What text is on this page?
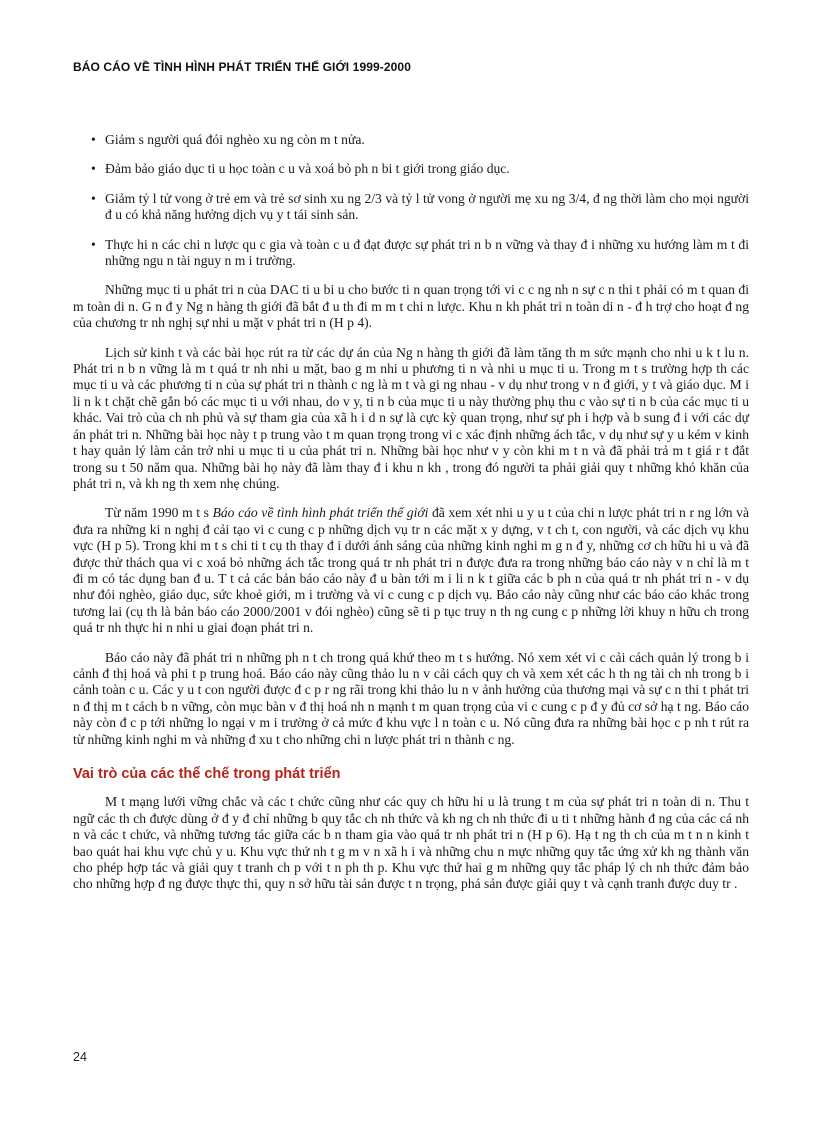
BÁO CÁO VỀ TÌNH HÌNH PHÁT TRIỂN THẾ GIỚI 1999-2000
• Giảm s người quá đói nghèo xu ng còn m t nửa.
• Đảm bảo giáo dục ti u học toàn c u và xoá bỏ ph n bi t giới trong giáo dục.
• Giảm tỷ l tử vong ở trẻ em và trẻ sơ sinh xu ng 2/3 và tỷ l tử vong ở người mẹ xu ng 3/4, đ ng thời làm cho mọi người đ u có khả năng hưởng dịch vụ y t tái sinh sản.
• Thực hi n các chi n lược qu c gia và toàn c u đ đạt được sự phát tri n b n vững và thay đ i những xu hướng làm m t đi những ngu n tài nguy n m i trường.

Những mục ti u phát tri n của DAC ti u bi u cho bước ti n quan trọng tới vi c c ng nh n sự c n thi t phải có m t quan đi m toàn di n. G n đ y Ng n hàng th giới đã bắt đ u th đi m m t chi n lược. Khu n kh phát tri n toàn di n - đ h trợ cho hoạt đ ng của chương tr nh nghị sự nhi u mặt v phát tri n (H p 4).

Lịch sử kinh t và các bài học rút ra từ các dự án của Ng n hàng th giới đã làm tăng th m sức mạnh cho nhi u k t lu n. Phát tri n b n vững là m t quá tr nh nhi u mặt, bao g m nhi u phương ti n và nhi u mục ti u. Trong m t s trường hợp th các mục ti u và các phương ti n của sự phát tri n thành c ng là m t và gi ng nhau - v dụ như trong v n đ giới, y t và giáo dục. M i li n k t chặt chẽ gắn bó các mục ti u với nhau, do v y, ti n b của mục ti u này thường phụ thu c vào sự ti n b của các mục ti u khác. Vai trò của ch nh phủ và sự tham gia của xã h i d n sự là cực kỳ quan trọng, như sự ph i hợp và b sung đ i với các dự án phát tri n. Những bài học này t p trung vào t m quan trọng trong vi c xác định những ách tắc, v dụ như sự y u kém v kinh t hay quản lý làm cản trở nhi u mục ti u của phát tri n. Những bài học như v y còn khi m t n và đã phải trả m t giá r t đắt trong su t 50 năm qua. Những bài họ này đã làm thay đ i khu n kh , trong đó người ta phải giải quy t những khó khăn của phát tri n, và kh ng th xem nhẹ chúng.

Từ năm 1990 m t s Báo cáo về tình hình phát triển thế giới đã xem xét nhi u y u t của chi n lược phát tri n r ng lớn và đưa ra những ki n nghị đ cải tạo vi c cung c p những dịch vụ tr n các mặt x y dựng, v t ch t, con người, và các dịch vụ khu vực (H p 5). Trong khi m t s chi ti t cụ th thay đ i dưới ánh sáng của những kinh nghi m g n đ y, những cơ ch hữu hi u và đã được thử thách qua vi c xoá bỏ những ách tắc trong quá tr nh phát tri n được đưa ra trong những báo cáo này v n chỉ là m t đi m có tác dụng ban đ u. T t cả các bản báo cáo này đ u bàn tới m i li n k t giữa các b ph n của quá tr nh phát tri n - v dụ như đói nghèo, giáo dục, sức khoẻ giới, m i trường và vi c cung c p dịch vụ. Báo cáo này cũng như các báo cáo khác trong tương lai (cụ th là bản báo cáo 2000/2001 v đói nghèo) cũng sẽ ti p tục truy n th ng cung c p những lời khuy n hữu ch trong quá tr nh thực hi n nhi u giai đoạn phát tri n.

Báo cáo này đã phát tri n những ph n t ch trong quá khứ theo m t s hướng. Nó xem xét vi c cải cách quản lý trong b i cảnh đ thị hoá và phi t p trung hoá. Báo cáo này cũng thảo lu n v cải cách quy ch và xem xét các h th ng tài ch nh trong b i cảnh toàn c u. Các y u t con người được đ c p r ng rãi trong khi thảo lu n v ảnh hưởng của thương mại và sự c n thi t phát tri n đ thị m t cách b n vững, còn mục bàn v đ thị hoá nh n mạnh t m quan trọng của vi c cung c p đ y đủ cơ sở hạ t ng. Báo cáo này còn đ c p tới những lo ngại v m i trường ở cả mức đ khu vực l n toàn c u. Nó cũng đưa ra những bài học c p nh t rút ra từ những kinh nghi m và những đ xu t cho những chi n lược phát tri n thành c ng.

Vai trò của các thể chế trong phát triển

M t mạng lưới vững chắc và các t chức cũng như các quy ch hữu hi u là trung t m của sự phát tri n toàn di n. Thu t ngữ các th ch được dùng ở đ y đ chỉ những b quy tắc ch nh thức và kh ng ch nh thức đi u ti t những hành đ ng của các cá nh n và các t chức, và những tương tác giữa các b n tham gia vào quá tr nh phát tri n (H p 6). Hạ t ng th ch của m t n n kinh t bao quát hai khu vực chủ y u. Khu vực thứ nh t g m v n xã h i và những chu n mực những quy tắc ứng xử kh ng thành văn cho phép hợp tác và giải quy t tranh ch p với t n ph th p. Khu vực thứ hai g m những quy tắc pháp lý ch nh thức đảm bảo cho những hợp đ ng được thực thi, quy n sở hữu tài sản được t n trọng, phá sản được giải quy t và cạnh tranh được duy tr .

24
